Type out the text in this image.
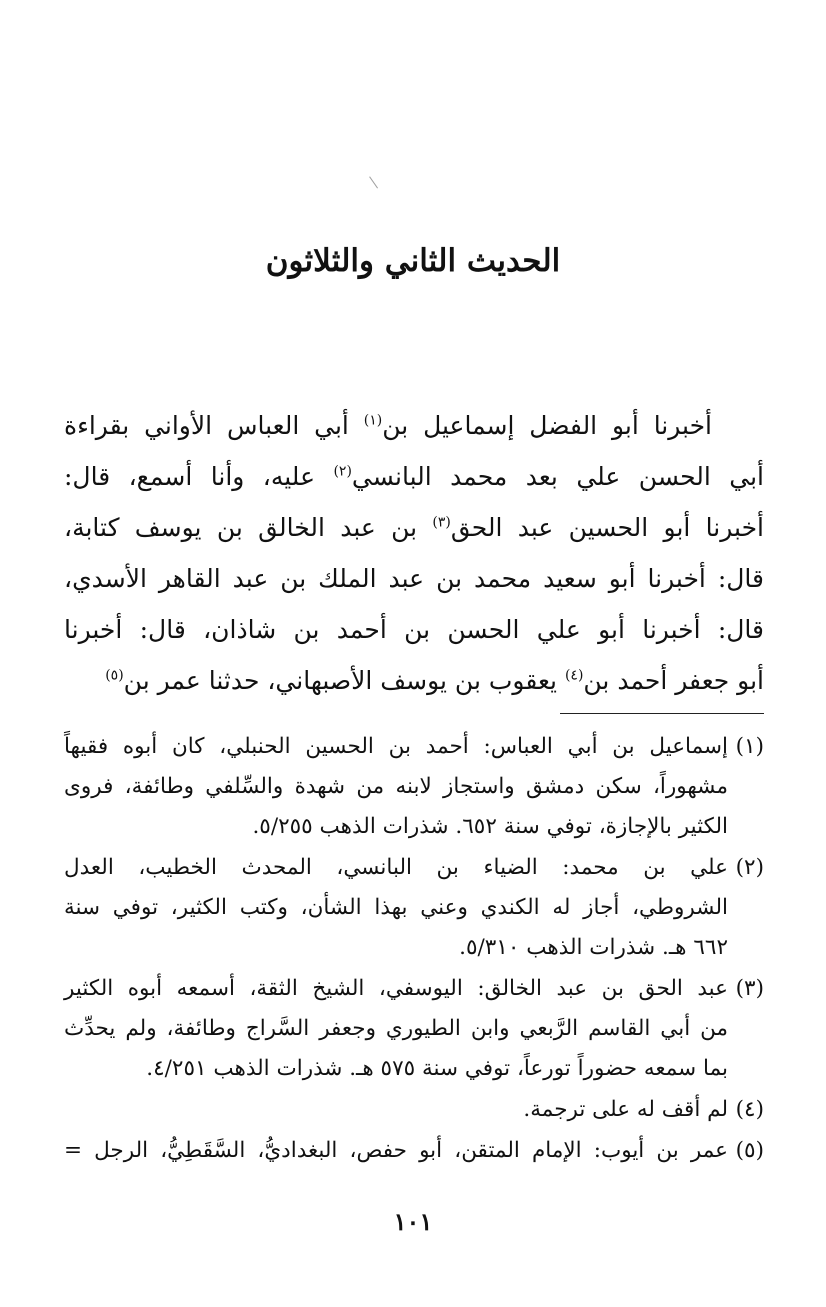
الحديث الثاني والثلاثون
أخبرنا أبو الفضل إسماعيل بن$^{(١)}$ أبي العباس الأواني بقراءة
أبي الحسن علي بعد محمد البانسي$^{(٢)}$ عليه، وأنا أسمع، قال:
أخبرنا أبو الحسين عبد الحق$^{(٣)}$ بن عبد الخالق بن يوسف كتابة،
قال: أخبرنا أبو سعيد محمد بن عبد الملك بن عبد القاهر الأسدي،
قال: أخبرنا أبو علي الحسن بن أحمد بن شاذان، قال: أخبرنا
أبو جعفر أحمد بن$^{(٤)}$ يعقوب بن يوسف الأصبهاني، حدثنا عمر بن$^{(٥)}$
(١)إسماعيل بن أبي العباس: أحمد بن الحسين الحنبلي، كان أبوه فقيهاً
مشهوراً، سكن دمشق واستجاز لابنه من شهدة والسِّلفي وطائفة، فروى
الكثير بالإجازة، توفي سنة ٦٥٢. شذرات الذهب ٥/٢٥٥.
(٢)علي بن محمد: الضياء بن البانسي، المحدث الخطيب، العدل
الشروطي، أجاز له الكندي وعني بهذا الشأن، وكتب الكثير، توفي سنة
٦٦٢ هـ. شذرات الذهب ٥/٣١٠.
(٣)عبد الحق بن عبد الخالق: اليوسفي، الشيخ الثقة، أسمعه أبوه الكثير
من أبي القاسم الرَّبعي وابن الطيوري وجعفر السَّراج وطائفة، ولم يحدِّث
بما سمعه حضوراً تورعاً، توفي سنة ٥٧٥ هـ. شذرات الذهب ٤/٢٥١.
(٤)لم أقف له على ترجمة.
(٥)عمر بن أيوب: الإمام المتقن، أبو حفص، البغداديُّ، السَّقَطِيُّ، الرجل =
١٠١
